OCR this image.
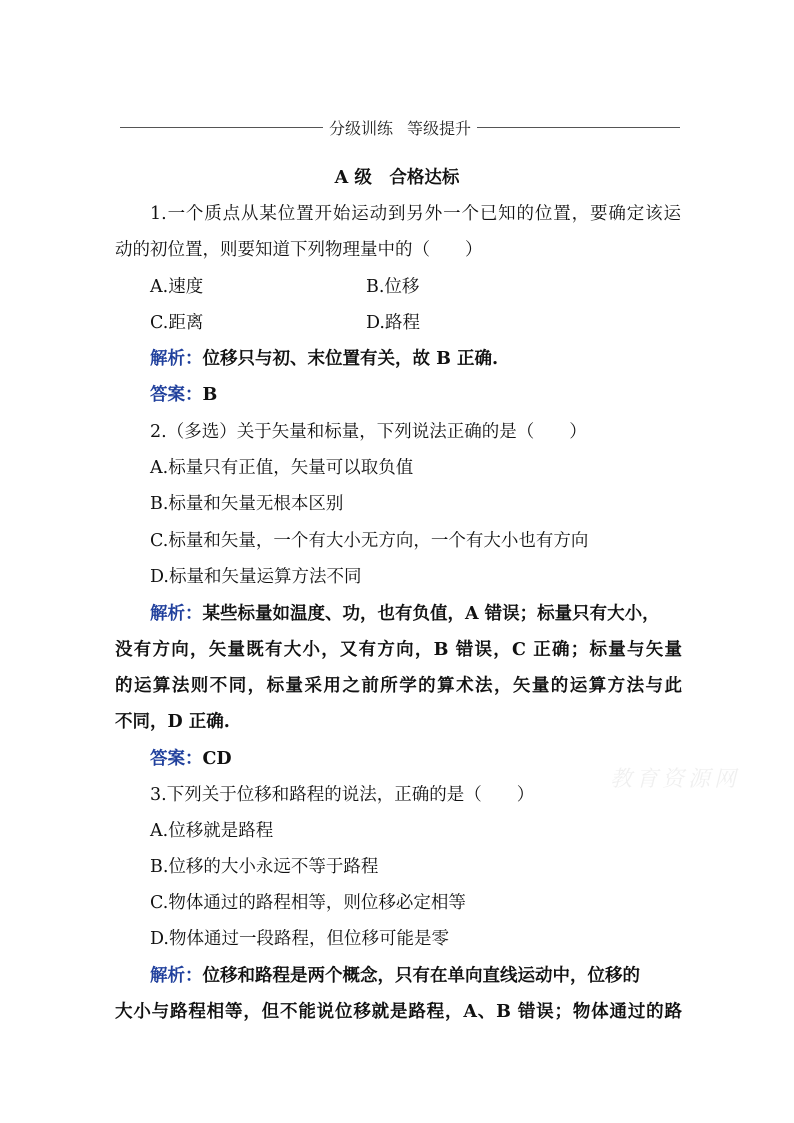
分级训练 等级提升
A 级　合格达标
1.一个质点从某位置开始运动到另外一个已知的位置，要确定该运
动的初位置，则要知道下列物理量中的（　　）
A.速度	B.位移
C.距离	D.路程
解析：位移只与初、末位置有关，故 B 正确.
答案：B
2.（多选）关于矢量和标量，下列说法正确的是（　　）
A.标量只有正值，矢量可以取负值
B.标量和矢量无根本区别
C.标量和矢量，一个有大小无方向，一个有大小也有方向
D.标量和矢量运算方法不同
解析：某些标量如温度、功，也有负值，A 错误；标量只有大小，
没有方向，矢量既有大小，又有方向，B 错误，C 正确；标量与矢量
的运算法则不同，标量采用之前所学的算术法，矢量的运算方法与此
不同，D 正确.
答案：CD
3.下列关于位移和路程的说法，正确的是（　　）
A.位移就是路程
B.位移的大小永远不等于路程
C.物体通过的路程相等，则位移必定相等
D.物体通过一段路程，但位移可能是零
解析：位移和路程是两个概念，只有在单向直线运动中，位移的
大小与路程相等，但不能说位移就是路程，A、B 错误；物体通过的路
教育资源网
